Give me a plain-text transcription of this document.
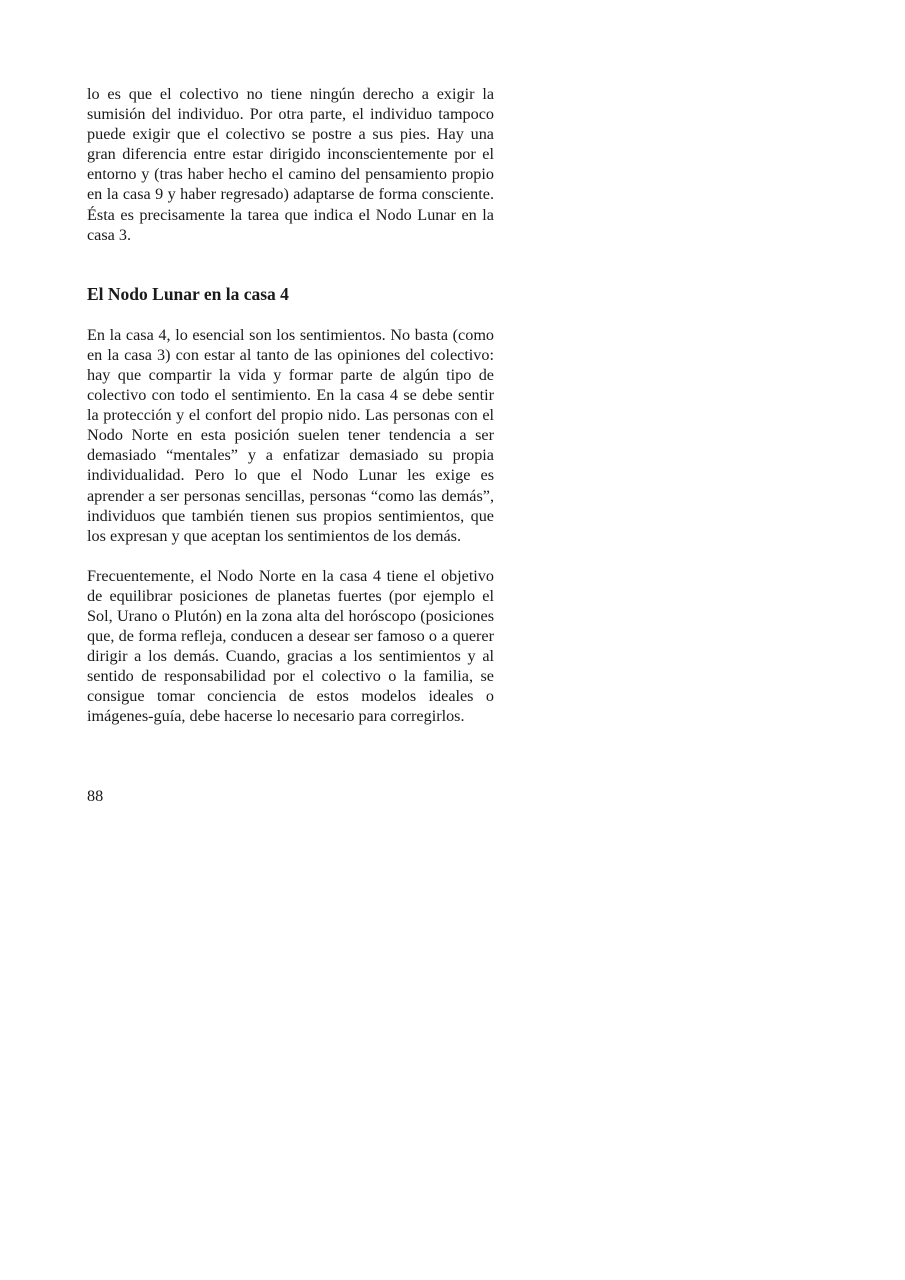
lo es que el colectivo no tiene ningún derecho a exigir la sumisión del individuo. Por otra parte, el individuo tampoco puede exigir que el colectivo se postre a sus pies. Hay una gran diferencia entre estar dirigido inconscientemente por el entorno y (tras haber hecho el camino del pensamiento propio en la casa 9 y haber regresado) adaptarse de forma consciente. Ésta es precisamente la tarea que indica el Nodo Lunar en la casa 3.

El Nodo Lunar en la casa 4

En la casa 4, lo esencial son los sentimientos. No basta (como en la casa 3) con estar al tanto de las opiniones del colectivo: hay que compartir la vida y formar parte de algún tipo de colectivo con todo el sentimiento. En la casa 4 se debe sentir la protección y el confort del propio nido. Las personas con el Nodo Norte en esta posición suelen tener tendencia a ser demasiado “mentales” y a enfatizar demasiado su propia individualidad. Pero lo que el Nodo Lunar les exige es aprender a ser personas sencillas, personas “como las demás”, individuos que también tienen sus propios sentimientos, que los expresan y que aceptan los sentimientos de los demás.

Frecuentemente, el Nodo Norte en la casa 4 tiene el objetivo de equilibrar posiciones de planetas fuertes (por ejemplo el Sol, Urano o Plutón) en la zona alta del horóscopo (posiciones que, de forma refleja, conducen a desear ser famoso o a querer dirigir a los demás. Cuando, gracias a los sentimientos y al sentido de responsabilidad por el colectivo o la familia, se consigue tomar conciencia de estos modelos ideales o imágenes-guía, debe hacerse lo necesario para corregirlos.

88
